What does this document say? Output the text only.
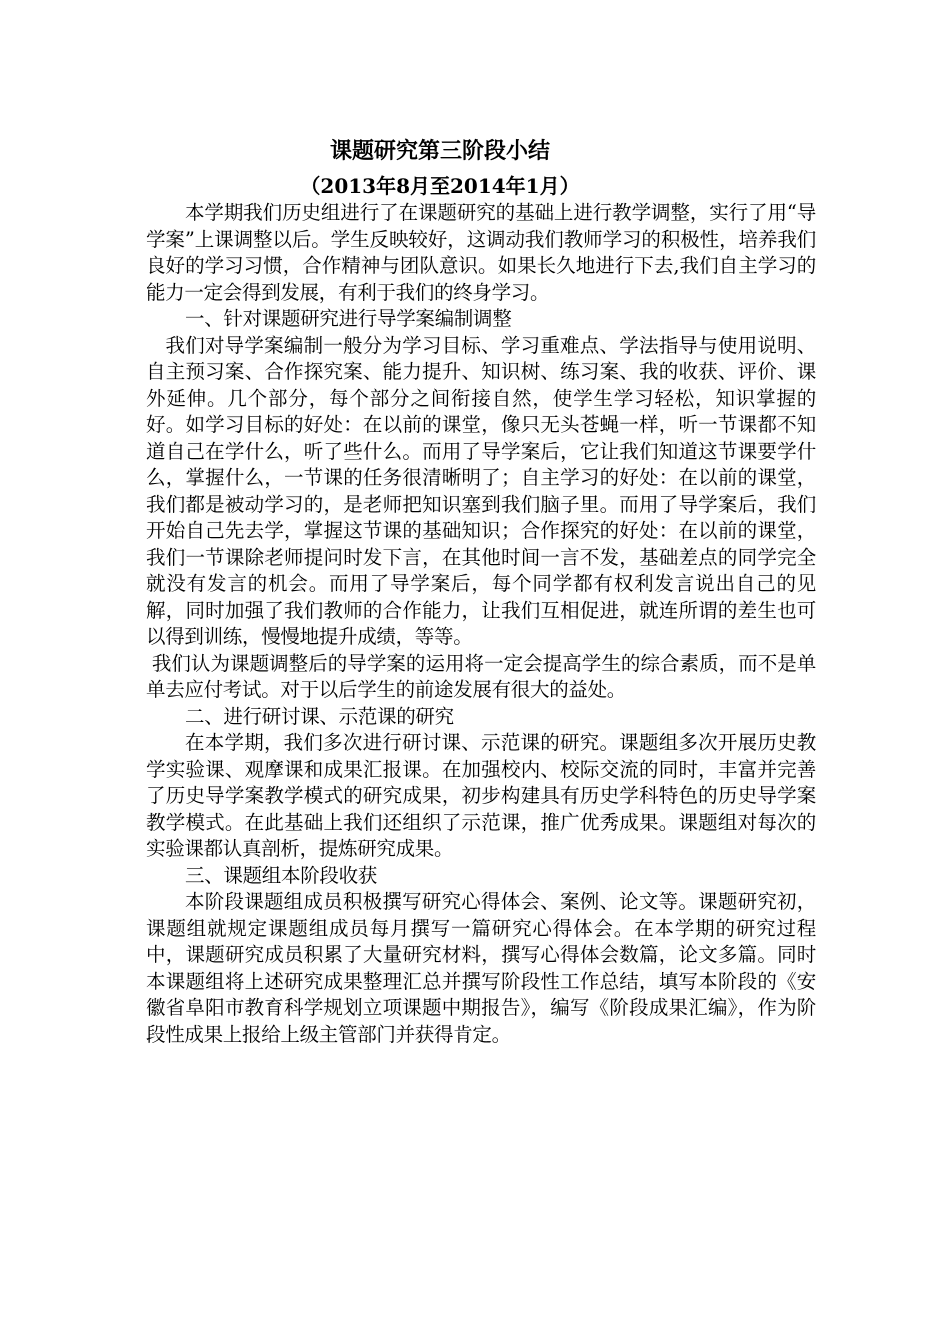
课题研究第三阶段小结
（2013年8月至2014年1月）

本学期我们历史组进行了在课题研究的基础上进行教学调整，实行了用“导学案”上课调整以后。学生反映较好，这调动我们教师学习的积极性，培养我们良好的学习习惯，合作精神与团队意识。如果长久地进行下去,我们自主学习的能力一定会得到发展，有利于我们的终身学习。

一、针对课题研究进行导学案编制调整

我们对导学案编制一般分为学习目标、学习重难点、学法指导与使用说明、自主预习案、合作探究案、能力提升、知识树、练习案、我的收获、评价、课外延伸。几个部分，每个部分之间衔接自然，使学生学习轻松，知识掌握的好。如学习目标的好处：在以前的课堂，像只无头苍蝇一样，听一节课都不知道自己在学什么，听了些什么。而用了导学案后，它让我们知道这节课要学什么，掌握什么，一节课的任务很清晰明了；自主学习的好处：在以前的课堂，我们都是被动学习的，是老师把知识塞到我们脑子里。而用了导学案后，我们开始自己先去学，掌握这节课的基础知识；合作探究的好处：在以前的课堂，我们一节课除老师提问时发下言，在其他时间一言不发，基础差点的同学完全就没有发言的机会。而用了导学案后，每个同学都有权利发言说出自己的见解，同时加强了我们教师的合作能力，让我们互相促进，就连所谓的差生也可以得到训练，慢慢地提升成绩，等等。

我们认为课题调整后的导学案的运用将一定会提高学生的综合素质，而不是单单去应付考试。对于以后学生的前途发展有很大的益处。

二、进行研讨课、示范课的研究

在本学期，我们多次进行研讨课、示范课的研究。课题组多次开展历史教学实验课、观摩课和成果汇报课。在加强校内、校际交流的同时，丰富并完善了历史导学案教学模式的研究成果，初步构建具有历史学科特色的历史导学案教学模式。在此基础上我们还组织了示范课，推广优秀成果。课题组对每次的实验课都认真剖析，提炼研究成果。

三、课题组本阶段收获

本阶段课题组成员积极撰写研究心得体会、案例、论文等。课题研究初，课题组就规定课题组成员每月撰写一篇研究心得体会。在本学期的研究过程中，课题研究成员积累了大量研究材料，撰写心得体会数篇，论文多篇。同时本课题组将上述研究成果整理汇总并撰写阶段性工作总结，填写本阶段的《安徽省阜阳市教育科学规划立项课题中期报告》，编写《阶段成果汇编》，作为阶段性成果上报给上级主管部门并获得肯定。
